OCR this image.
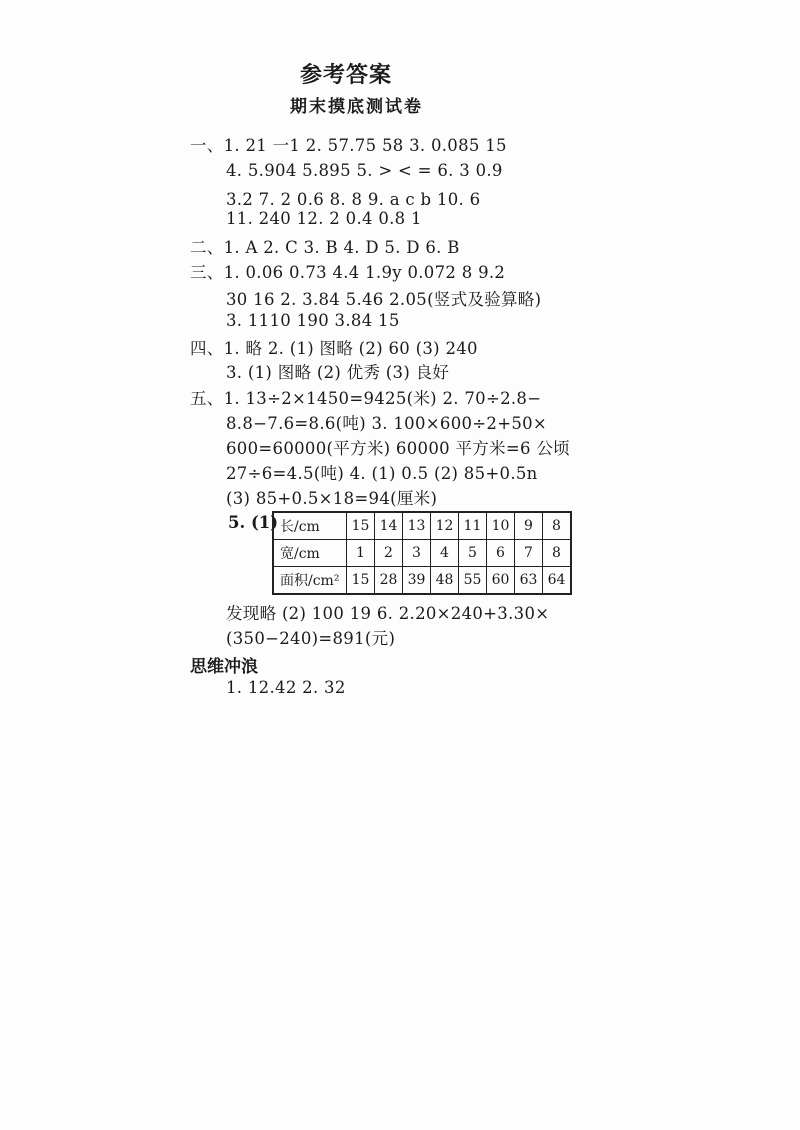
参考答案
期末摸底测试卷
一、1. 21 一1 2. 57.75 58 3. 0.085 15
4. 5.904 5.895 5. > < = 6. 3 0.9
3.2 7. 2 0.6 8. 8 9. a c b 10. 6
11. 240 12. 2 0.4 0.8 1
二、1. A 2. C 3. B 4. D 5. D 6. B
三、1. 0.06 0.73 4.4 1.9y 0.072 8 9.2
30 16 2. 3.84 5.46 2.05(竖式及验算略)
3. 1110 190 3.84 15
四、1. 略 2. (1) 图略 (2) 60 (3) 240
3. (1) 图略 (2) 优秀 (3) 良好
五、1. 13÷2×1450=9425(米) 2. 70÷2.8−
8.8−7.6=8.6(吨) 3. 100×600÷2+50×
600=60000(平方米) 60000 平方米=6 公顷
27÷6=4.5(吨) 4. (1) 0.5 (2) 85+0.5n
(3) 85+0.5×18=94(厘米)
5. (1) 长/cm	15	14	13	12	11	10	9	8
宽/cm	1	2	3	4	5	6	7	8
面积/cm²	15	28	39	48	55	60	63	64
发现略 (2) 100 19 6. 2.20×240+3.30×
(350−240)=891(元)
思维冲浪
1. 12.42 2. 32
